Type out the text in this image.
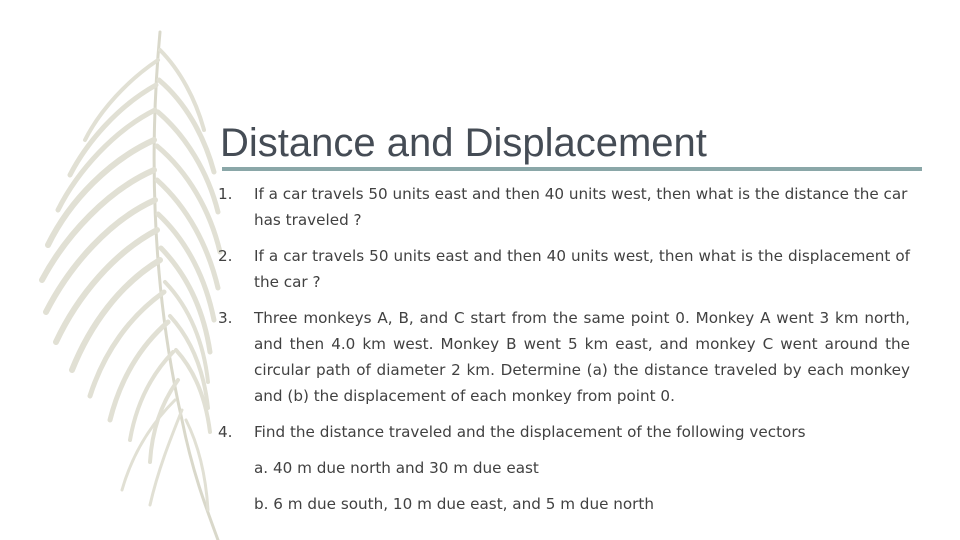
Distance and Displacement
1.	If a car travels 50 units east and then 40 units west, then what is the distance the car has traveled ?
2.	If a car travels 50 units east and then 40 units west, then what is the displacement of the car ?
3.	Three monkeys A, B, and C start from the same point 0. Monkey A went 3 km north, and then 4.0 km west. Monkey B went 5 km east, and monkey C went around the circular path of diameter 2 km. Determine (a) the distance traveled by each monkey and (b) the displacement of each monkey from point 0.
4.	Find the distance traveled and the displacement of the following vectors
a. 40 m due north and 30 m due east
b. 6 m due south, 10 m due east, and 5 m due north
